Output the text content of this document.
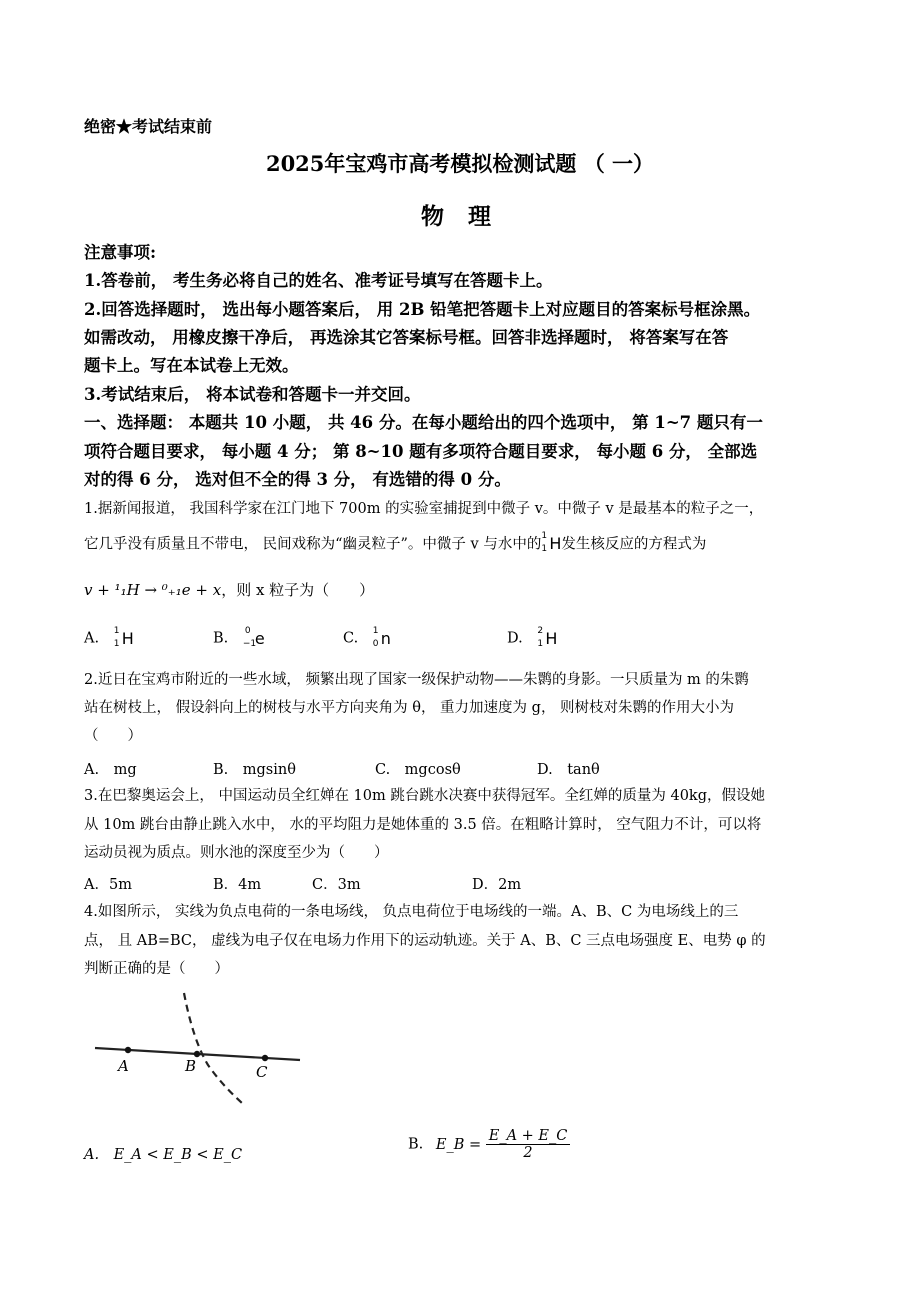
绝密★考试结束前
2025年宝鸡市高考模拟检测试题 （ 一）
物 理
注意事项:
1.答卷前， 考生务必将自己的姓名、准考证号填写在答题卡上。
2.回答选择题时， 选出每小题答案后， 用 2B 铅笔把答题卡上对应题目的答案标号框涂黑。
如需改动， 用橡皮擦干净后， 再选涂其它答案标号框。回答非选择题时， 将答案写在答
题卡上。写在本试卷上无效。
3.考试结束后， 将本试卷和答题卡一并交回。
一、选择题： 本题共 10 小题， 共 46 分。在每小题给出的四个选项中， 第 1~7 题只有一
项符合题目要求， 每小题 4 分； 第 8~10 题有多项符合题目要求， 每小题 6 分， 全部选
对的得 6 分， 选对但不全的得 3 分， 有选错的得 0 分。
1.据新闻报道， 我国科学家在江门地下 700m 的实验室捕捉到中微子 v。中微子 v 是最基本的粒子之一，
它几乎没有质量且不带电， 民间戏称为“幽灵粒子”。中微子 v 与水中的
1
1 H发生核反应的方程式为
v + ¹₁H → ⁰₊₁e + x，则 x 粒子为（　　）
A. 1
1 H	B. 0
−1
e	C. 1
0 n	D. 2
1 H
2.近日在宝鸡市附近的一些水域， 频繁出现了国家一级保护动物——朱鹮的身影。一只质量为 m 的朱鹮
站在树枝上， 假设斜向上的树枝与水平方向夹角为 θ， 重力加速度为 g， 则树枝对朱鹮的作用大小为
（　　）
A.　mg	B.　mgsinθ	C.　mgcosθ	D.　tanθ
3.在巴黎奥运会上， 中国运动员全红婵在 10m 跳台跳水决赛中获得冠军。全红婵的质量为 40kg，假设她
从 10m 跳台由静止跳入水中， 水的平均阻力是她体重的 3.5 倍。在粗略计算时， 空气阻力不计，可以将
运动员视为质点。则水池的深度至少为（　　）
A．5m	B．4m	C．3m	D．2m
4.如图所示， 实线为负点电荷的一条电场线， 负点电荷位于电场线的一端。A、B、C 为电场线上的三
点， 且 AB=BC， 虚线为电子仅在电场力作用下的运动轨迹。关于 A、B、C 三点电场强度 E、电势 φ 的
判断正确的是（　　）
A	B	C
A.　E_A < E_B < E_C
B. E_B = $\frac{E\_A + E\_C}{2}$
